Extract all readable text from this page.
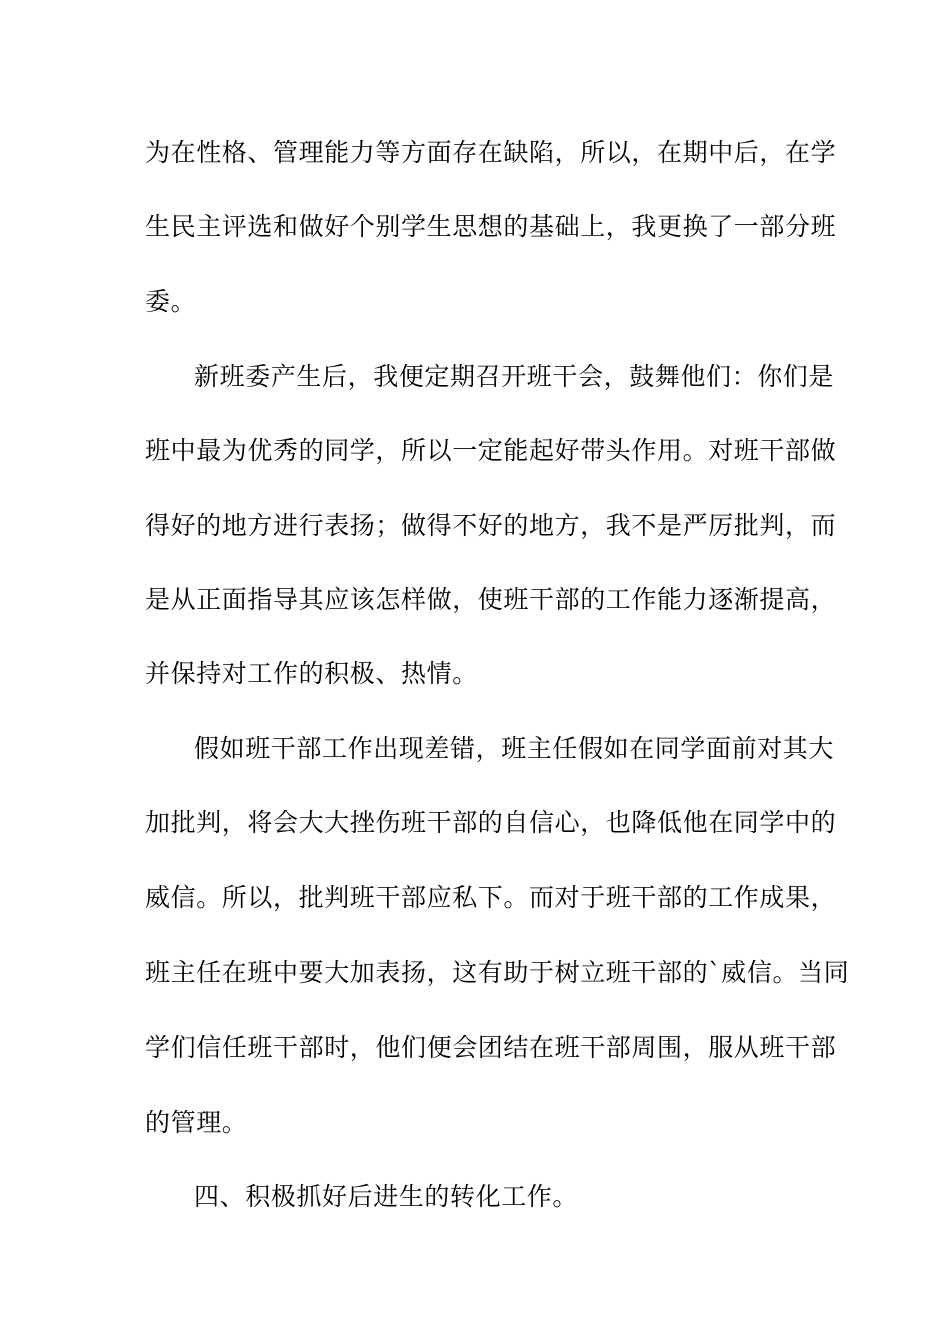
为在性格、管理能力等方面存在缺陷，所以，在期中后，在学
生民主评选和做好个别学生思想的基础上，我更换了一部分班
委。
新班委产生后，我便定期召开班干会，鼓舞他们：你们是
班中最为优秀的同学，所以一定能起好带头作用。对班干部做
得好的地方进行表扬；做得不好的地方，我不是严厉批判，而
是从正面指导其应该怎样做，使班干部的工作能力逐渐提高，
并保持对工作的积极、热情。
假如班干部工作出现差错，班主任假如在同学面前对其大
加批判，将会大大挫伤班干部的自信心，也降低他在同学中的
威信。所以，批判班干部应私下。而对于班干部的工作成果，
班主任在班中要大加表扬，这有助于树立班干部的`威信。当同
学们信任班干部时，他们便会团结在班干部周围，服从班干部
的管理。
四、积极抓好后进生的转化工作。
